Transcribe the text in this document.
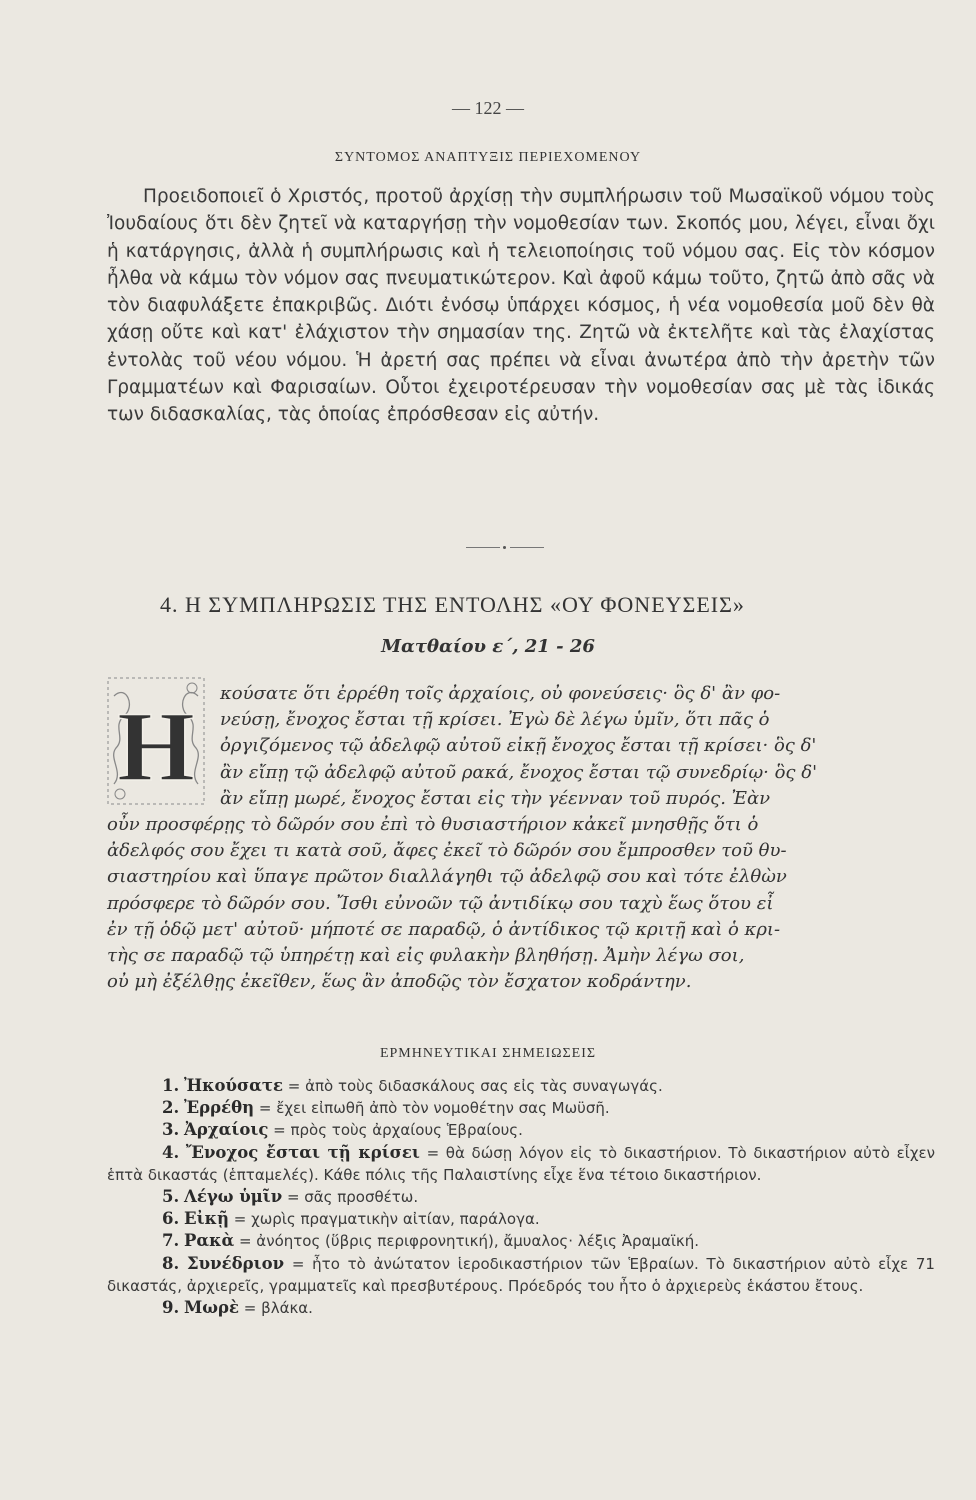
— 122 —
ΣΥΝΤΟΜΟΣ ΑΝΑΠΤΥΞΙΣ ΠΕΡΙΕΧΟΜΕΝΟΥ

Προειδοποιεῖ ὁ Χριστός, προτοῦ ἀρχίσῃ τὴν συμπλήρωσιν τοῦ Μωσαϊκοῦ νόμου τοὺς Ἰουδαίους ὅτι δὲν ζητεῖ νὰ καταργήσῃ τὴν νομοθεσίαν των. Σκοπός μου, λέγει, εἶναι ὄχι ἡ κατάργησις, ἀλλὰ ἡ συμπλήρωσις καὶ ἡ τελειοποίησις τοῦ νόμου σας. Εἰς τὸν κόσμον ἦλθα νὰ κάμω τὸν νόμον σας πνευματικώτερον. Καὶ ἀφοῦ κάμω τοῦτο, ζητῶ ἀπὸ σᾶς νὰ τὸν διαφυλάξετε ἐπακριβῶς. Διότι ἐνόσῳ ὑπάρχει κόσμος, ἡ νέα νομοθεσία μοῦ δὲν θὰ χάσῃ οὔτε καὶ κατ' ἐλάχιστον τὴν σημασίαν της. Ζητῶ νὰ ἐκτελῆτε καὶ τὰς ἐλαχίστας ἐντολὰς τοῦ νέου νόμου. Ἡ ἀρετή σας πρέπει νὰ εἶναι ἀνωτέρα ἀπὸ τὴν ἀρετὴν τῶν Γραμματέων καὶ Φαρισαίων. Οὗτοι ἐχειροτέρευσαν τὴν νομοθεσίαν σας μὲ τὰς ἰδικάς των διδασκαλίας, τὰς ὁποίας ἐπρόσθεσαν εἰς αὐτήν.

4. Η ΣΥΜΠΛΗΡΩΣΙΣ ΤΗΣ ΕΝΤΟΛΗΣ «ΟΥ ΦΟΝΕΥΣΕΙΣ»
Ματθαίου ε΄, 21 - 26
Η κούσατε ὅτι ἐρρέθη τοῖς ἀρχαίοις, οὐ φονεύσεις· ὃς δ' ἂν φο-
νεύσῃ, ἔνοχος ἔσται τῇ κρίσει. Ἐγὼ δὲ λέγω ὑμῖν, ὅτι πᾶς ὁ
ὀργιζόμενος τῷ ἀδελφῷ αὐτοῦ εἰκῇ ἔνοχος ἔσται τῇ κρίσει· ὃς δ'
ἂν εἴπῃ τῷ ἀδελφῷ αὐτοῦ ρακά, ἔνοχος ἔσται τῷ συνεδρίῳ· ὃς δ'
ἂν εἴπῃ μωρέ, ἔνοχος ἔσται εἰς τὴν γέενναν τοῦ πυρός. Ἐὰν
οὖν προσφέρῃς τὸ δῶρόν σου ἐπὶ τὸ θυσιαστήριον κἀκεῖ μνησθῇς ὅτι ὁ
ἀδελφός σου ἔχει τι κατὰ σοῦ, ἄφες ἐκεῖ τὸ δῶρόν σου ἔμπροσθεν τοῦ θυ-
σιαστηρίου καὶ ὕπαγε πρῶτον διαλλάγηθι τῷ ἀδελφῷ σου καὶ τότε ἐλθὼν
πρόσφερε τὸ δῶρόν σου. Ἴσθι εὐνοῶν τῷ ἀντιδίκῳ σου ταχὺ ἕως ὅτου εἶ
ἐν τῇ ὁδῷ μετ' αὐτοῦ· μήποτέ σε παραδῷ, ὁ ἀντίδικος τῷ κριτῇ καὶ ὁ κρι-
τὴς σε παραδῷ τῷ ὑπηρέτῃ καὶ εἰς φυλακὴν βληθήσῃ. Ἀμὴν λέγω σοι,
οὐ μὴ ἐξέλθῃς ἐκεῖθεν, ἕως ἂν ἀποδῷς τὸν ἔσχατον κοδράντην.
ΕΡΜΗΝΕΥΤΙΚΑΙ ΣΗΜΕΙΩΣΕΙΣ

1. Ἠκούσατε = ἀπὸ τοὺς διδασκάλους σας εἰς τὰς συναγωγάς.

2. Ἐρρέθη = ἔχει εἰπωθῆ ἀπὸ τὸν νομοθέτην σας Μωϋσῆ.

3. Ἀρχαίοις = πρὸς τοὺς ἀρχαίους Ἑβραίους.

4. Ἔνοχος ἔσται τῇ κρίσει = θὰ δώσῃ λόγον εἰς τὸ δικαστήριον. Τὸ δικαστήριον αὐτὸ εἶχεν ἑπτὰ δικαστάς (ἑπταμελές). Κάθε πόλις τῆς Παλαιστίνης εἶχε ἕνα τέτοιο δικαστήριον.

5. Λέγω ὑμῖν = σᾶς προσθέτω.

6. Εἰκῇ = χωρὶς πραγματικὴν αἰτίαν, παράλογα.

7. Ρακὰ = ἀνόητος (ὕβρις περιφρονητική), ἄμυαλος· λέξις Ἀραμαϊκή.

8. Συνέδριον = ἦτο τὸ ἀνώτατον ἱεροδικαστήριον τῶν Ἑβραίων. Τὸ δικαστήριον αὐτὸ εἶχε 71 δικαστάς, ἀρχιερεῖς, γραμματεῖς καὶ πρεσβυτέρους. Πρόεδρός του ἦτο ὁ ἀρχιερεὺς ἑκάστου ἔτους.

9. Μωρὲ = βλάκα.
